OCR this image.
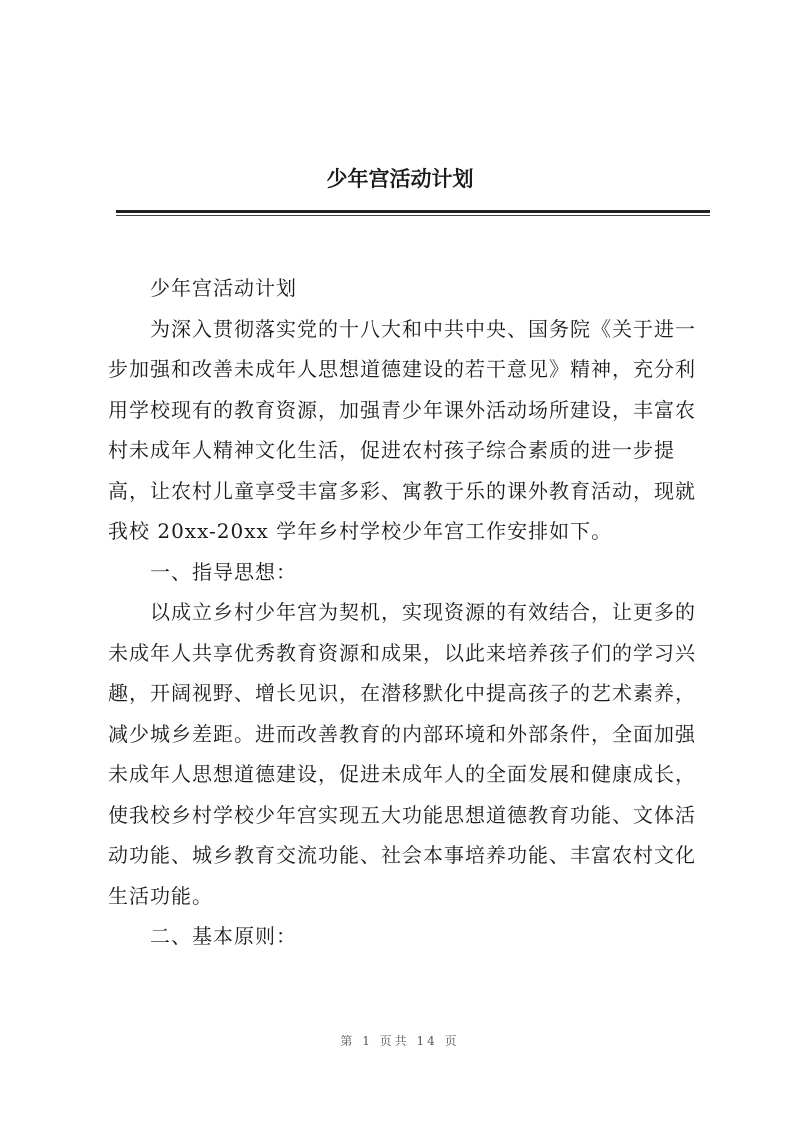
少年宫活动计划
少年宫活动计划
为深入贯彻落实党的十八大和中共中央、国务院《关于进一
步加强和改善未成年人思想道德建设的若干意见》精神，充分利
用学校现有的教育资源，加强青少年课外活动场所建设，丰富农
村未成年人精神文化生活，促进农村孩子综合素质的进一步提
高，让农村儿童享受丰富多彩、寓教于乐的课外教育活动，现就
我校 20xx-20xx 学年乡村学校少年宫工作安排如下。
一、指导思想：
以成立乡村少年宫为契机，实现资源的有效结合，让更多的
未成年人共享优秀教育资源和成果，以此来培养孩子们的学习兴
趣，开阔视野、增长见识，在潜移默化中提高孩子的艺术素养，
减少城乡差距。进而改善教育的内部环境和外部条件，全面加强
未成年人思想道德建设，促进未成年人的全面发展和健康成长，
使我校乡村学校少年宫实现五大功能思想道德教育功能、文体活
动功能、城乡教育交流功能、社会本事培养功能、丰富农村文化
生活功能。
二、基本原则：
第 1 页共 14 页
